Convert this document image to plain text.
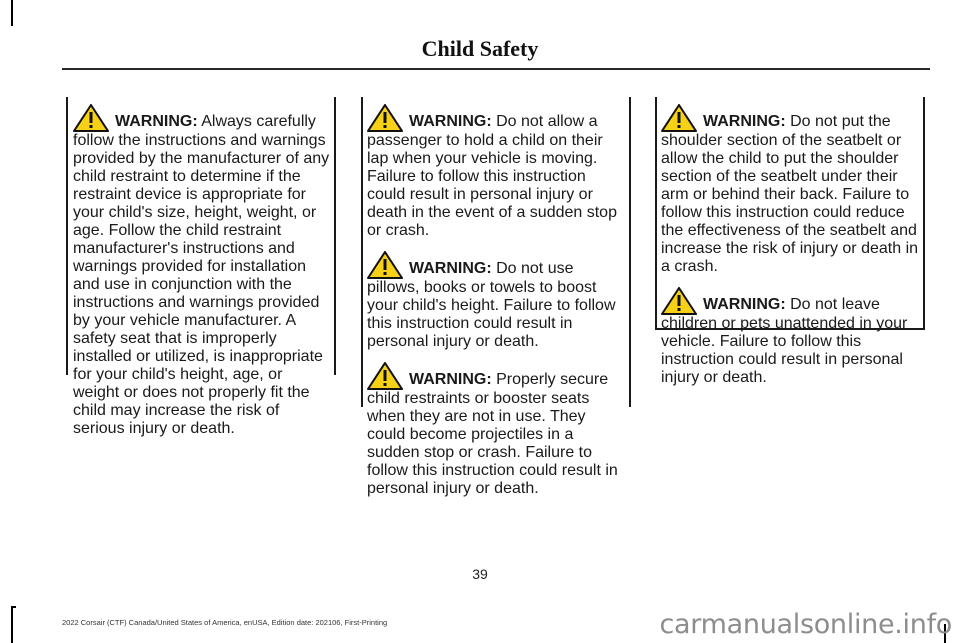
Child Safety
WARNING: Always carefully follow the instructions and warnings provided by the manufacturer of any child restraint to determine if the restraint device is appropriate for your child's size, height, weight, or age. Follow the child restraint manufacturer's instructions and warnings provided for installation and use in conjunction with the instructions and warnings provided by your vehicle manufacturer. A safety seat that is improperly installed or utilized, is inappropriate for your child's height, age, or weight or does not properly fit the child may increase the risk of serious injury or death.
WARNING: Do not allow a passenger to hold a child on their lap when your vehicle is moving. Failure to follow this instruction could result in personal injury or death in the event of a sudden stop or crash.
WARNING: Do not use pillows, books or towels to boost your child's height. Failure to follow this instruction could result in personal injury or death.
WARNING: Properly secure child restraints or booster seats when they are not in use. They could become projectiles in a sudden stop or crash. Failure to follow this instruction could result in personal injury or death.
WARNING: Do not put the shoulder section of the seatbelt or allow the child to put the shoulder section of the seatbelt under their arm or behind their back. Failure to follow this instruction could reduce the effectiveness of the seatbelt and increase the risk of injury or death in a crash.
WARNING: Do not leave children or pets unattended in your vehicle. Failure to follow this instruction could result in personal injury or death.
39
2022 Corsair (CTF) Canada/United States of America, enUSA, Edition date: 202106, First-Printing	carmanualsonline.info
